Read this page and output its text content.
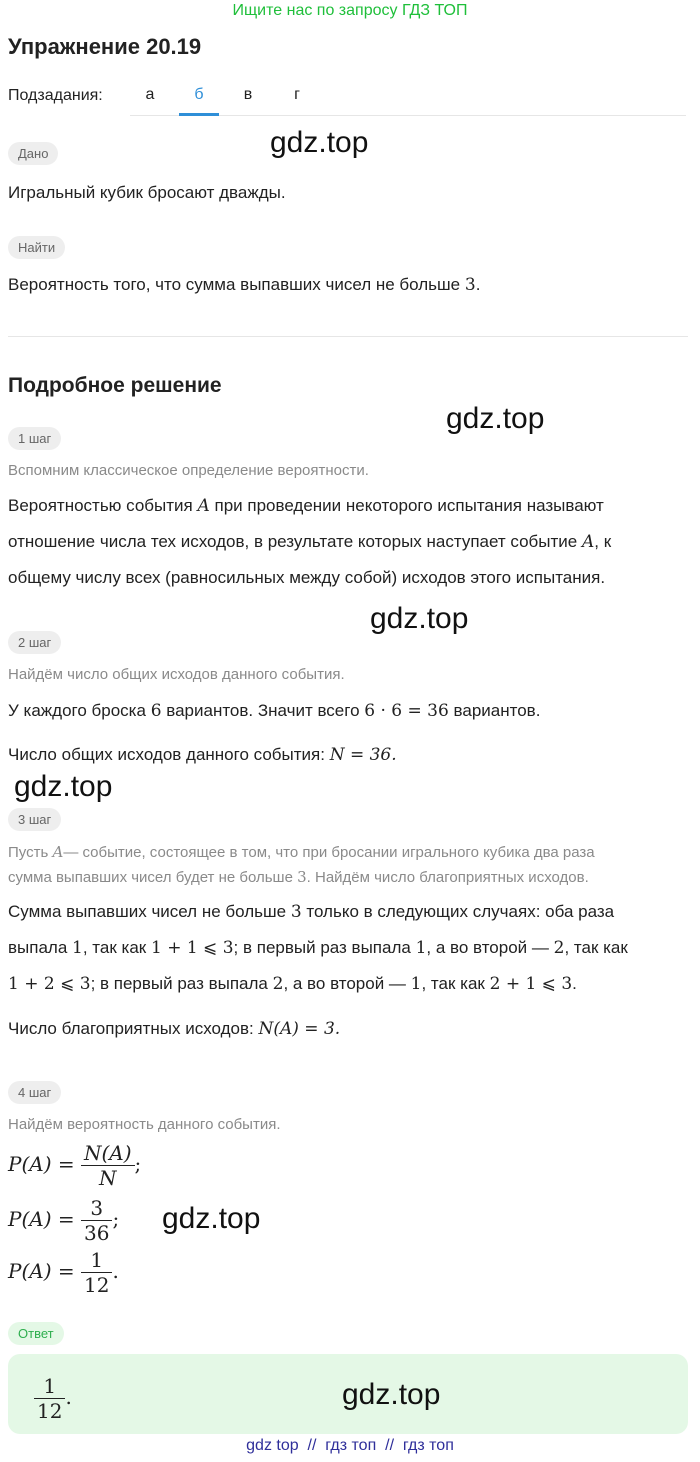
Ищите нас по запросу ГДЗ ТОП
Упражнение 20.19
Подзадания:	а	б	в	г
Дано	gdz.top
Игральный кубик бросают дважды.
Найти
Вероятность того, что сумма выпавших чисел не больше 3.
Подробное решение
gdz.top
1 шаг
Вспомним классическое определение вероятности.
Вероятностью события A при проведении некоторого испытания называют
отношение числа тех исходов, в результате которых наступает событие A, к
общему числу всех (равносильных между собой) исходов этого испытания.
gdz.top
2 шаг
Найдём число общих исходов данного события.
У каждого броска 6 вариантов. Значит всего 6 · 6 = 36 вариантов.
Число общих исходов данного события: N = 36.
gdz.top
3 шаг
Пусть A— событие, состоящее в том, что при бросании игрального кубика два раза
сумма выпавших чисел будет не больше 3. Найдём число благоприятных исходов.
Сумма выпавших чисел не больше 3 только в следующих случаях: оба раза
выпала 1, так как 1 + 1 ⩽ 3; в первый раз выпала 1, а во второй — 2, так как
1 + 2 ⩽ 3; в первый раз выпала 2, а во второй — 1, так как 2 + 1 ⩽ 3.
Число благоприятных исходов: N(A) = 3.
4 шаг
Найдём вероятность данного события.
$P(A) = \frac{N(A)}{N}$ ;
$P(A) = \frac{3}{36}$ ; gdz.top
$P(A) = \frac{1}{12}$ .
Ответ
$\frac{1}{12}$ .	gdz.top
gdz top  //  гдз топ  //  гдз топ
